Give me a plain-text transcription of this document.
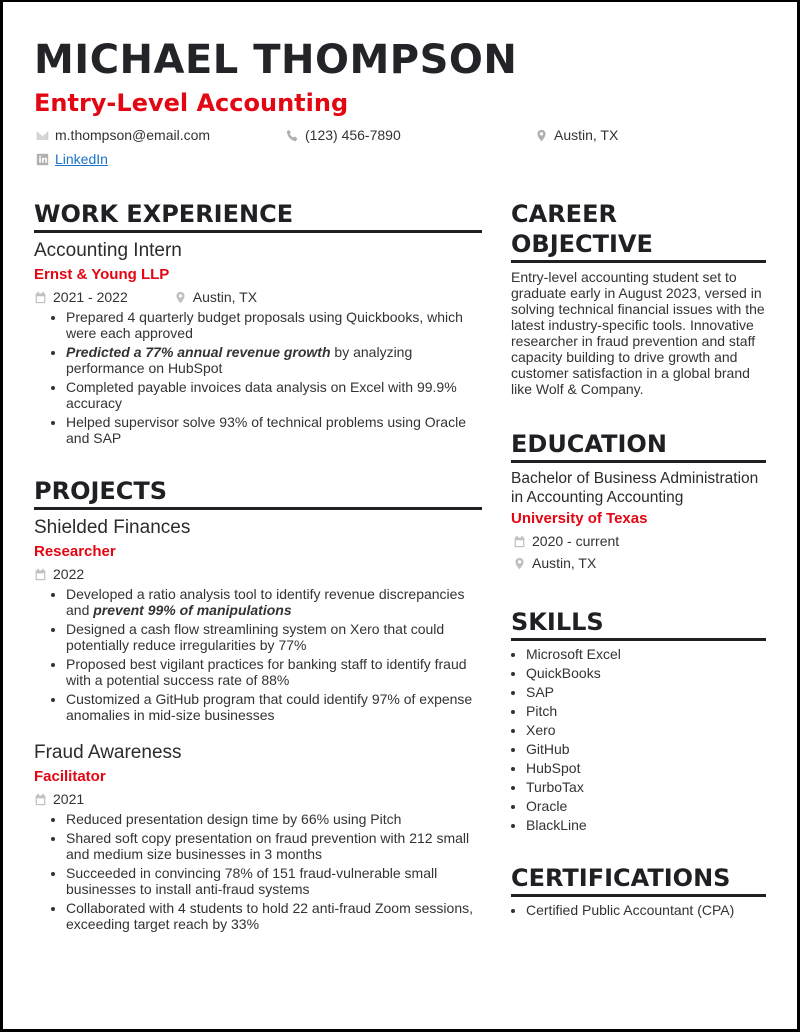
MICHAEL THOMPSON
Entry-Level Accounting
m.thompson@email.com	(123) 456-7890	Austin, TX
LinkedIn
WORK EXPERIENCE
Accounting Intern
Ernst & Young LLP
2021 - 2022	Austin, TX
• Prepared 4 quarterly budget proposals using Quickbooks, which were each approved
• Predicted a 77% annual revenue growth by analyzing performance on HubSpot
• Completed payable invoices data analysis on Excel with 99.9% accuracy
• Helped supervisor solve 93% of technical problems using Oracle and SAP
PROJECTS
Shielded Finances
Researcher
2022
• Developed a ratio analysis tool to identify revenue discrepancies and prevent 99% of manipulations
• Designed a cash flow streamlining system on Xero that could potentially reduce irregularities by 77%
• Proposed best vigilant practices for banking staff to identify fraud with a potential success rate of 88%
• Customized a GitHub program that could identify 97% of expense anomalies in mid-size businesses
Fraud Awareness
Facilitator
2021
• Reduced presentation design time by 66% using Pitch
• Shared soft copy presentation on fraud prevention with 212 small and medium size businesses in 3 months
• Succeeded in convincing 78% of 151 fraud-vulnerable small businesses to install anti-fraud systems
• Collaborated with 4 students to hold 22 anti-fraud Zoom sessions, exceeding target reach by 33%
CAREER
OBJECTIVE
Entry-level accounting student set to graduate early in August 2023, versed in solving technical financial issues with the latest industry-specific tools. Innovative researcher in fraud prevention and staff capacity building to drive growth and customer satisfaction in a global brand like Wolf & Company.
EDUCATION
Bachelor of Business Administration in Accounting Accounting
University of Texas
2020 - current
Austin, TX
SKILLS
• Microsoft Excel
• QuickBooks
• SAP
• Pitch
• Xero
• GitHub
• HubSpot
• TurboTax
• Oracle
• BlackLine
CERTIFICATIONS
• Certified Public Accountant (CPA)
